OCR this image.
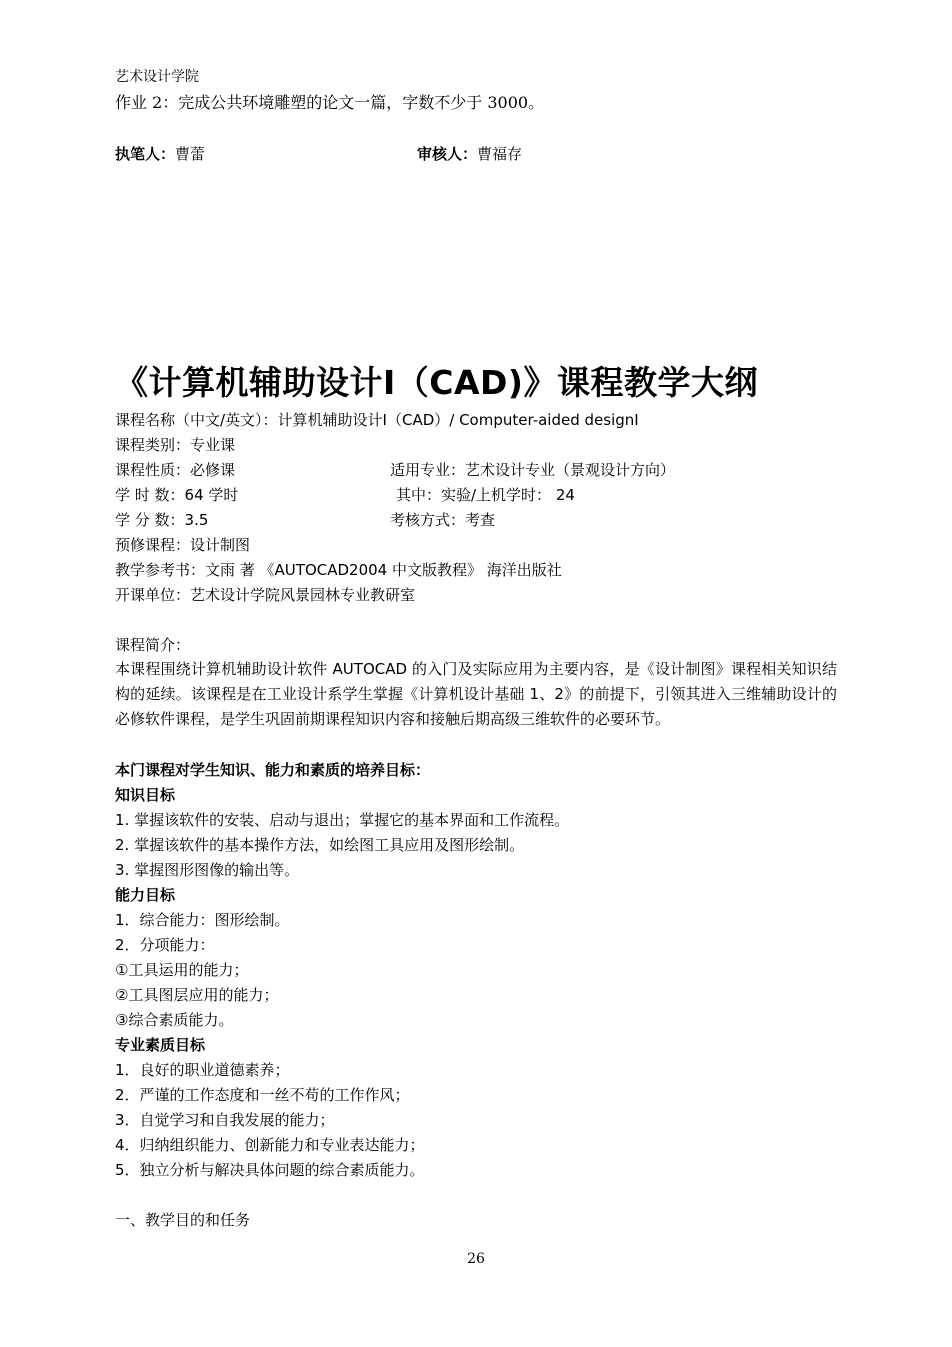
艺术设计学院
作业 2：完成公共环境雕塑的论文一篇，字数不少于 3000。
执笔人：曹蕾	审核人：曹福存
《计算机辅助设计Ⅰ（CAD)》课程教学大纲
课程名称（中文/英文）：计算机辅助设计Ⅰ（CAD）/ Computer-aided designⅠ
课程类别：专业课
课程性质：必修课	适用专业：艺术设计专业（景观设计方向）
学 时 数：64 学时	其中：实验/上机学时： 24
学 分 数：3.5	考核方式：考查
预修课程：设计制图
教学参考书：文雨 著 《AUTOCAD2004 中文版教程》 海洋出版社
开课单位：艺术设计学院风景园林专业教研室
课程简介：
本课程围绕计算机辅助设计软件 AUTOCAD 的入门及实际应用为主要内容，是《设计制图》课程相关知识结构的延续。该课程是在工业设计系学生掌握《计算机设计基础 1、2》的前提下，引领其进入三维辅助设计的必修软件课程，是学生巩固前期课程知识内容和接触后期高级三维软件的必要环节。
本门课程对学生知识、能力和素质的培养目标：
知识目标
1. 掌握该软件的安装、启动与退出；掌握它的基本界面和工作流程。
2. 掌握该软件的基本操作方法，如绘图工具应用及图形绘制。
3. 掌握图形图像的输出等。
能力目标
1．综合能力：图形绘制。
2．分项能力：
①工具运用的能力；
②工具图层应用的能力；
③综合素质能力。
专业素质目标
1．良好的职业道德素养；
2．严谨的工作态度和一丝不苟的工作作风；
3．自觉学习和自我发展的能力；
4．归纳组织能力、创新能力和专业表达能力；
5．独立分析与解决具体问题的综合素质能力。
一、教学目的和任务
26
